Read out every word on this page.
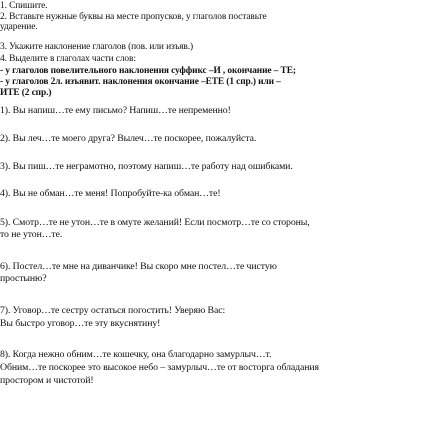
1. Спишите.
2. Вставьте нужные буквы на месте пропусков, у глаголов поставьте
ударение.
3. Укажите наклонение глаголов (пов. или изъяв.)
4. Выделите в глаголах части слов:
- у глаголов повелительного наклонения суффикс –И , окончание – ТЕ;
- у глаголов 2л. изъявит. наклонения окончание –ЕТЕ (1 спр.) или –
ИТЕ (2 спр.)
1). Вы напиш…те ему письмо? Напиш…те непременно!
2). Вы леч…те моего друга? Вылеч…те поскорее, пожалуйста.
3). Вы пиш…те неграмотно, поэтому напиш…те работу над ошибками.
4). Вы не обман…те меня! Попробуйте-ка обман…те!
5). Смотр…те не утон…те в омуте желаний! Если посмотр…те со стороны,
то не утон…те.
6). Постел…те мне на диванчике! Вы скоро мне постел…те чистую
простыню?
7). Уговор…те сестру остаться погостить! Уверяю Вас:
Вы быстро уговор…те эту вкуснятину!
8). Когда нежно обним…те кошечку, она благодарно замурлыч…т.
Обним…те поскорее это высокое небо – замурлыч…те от восторга обладания
простором и чистотой!
